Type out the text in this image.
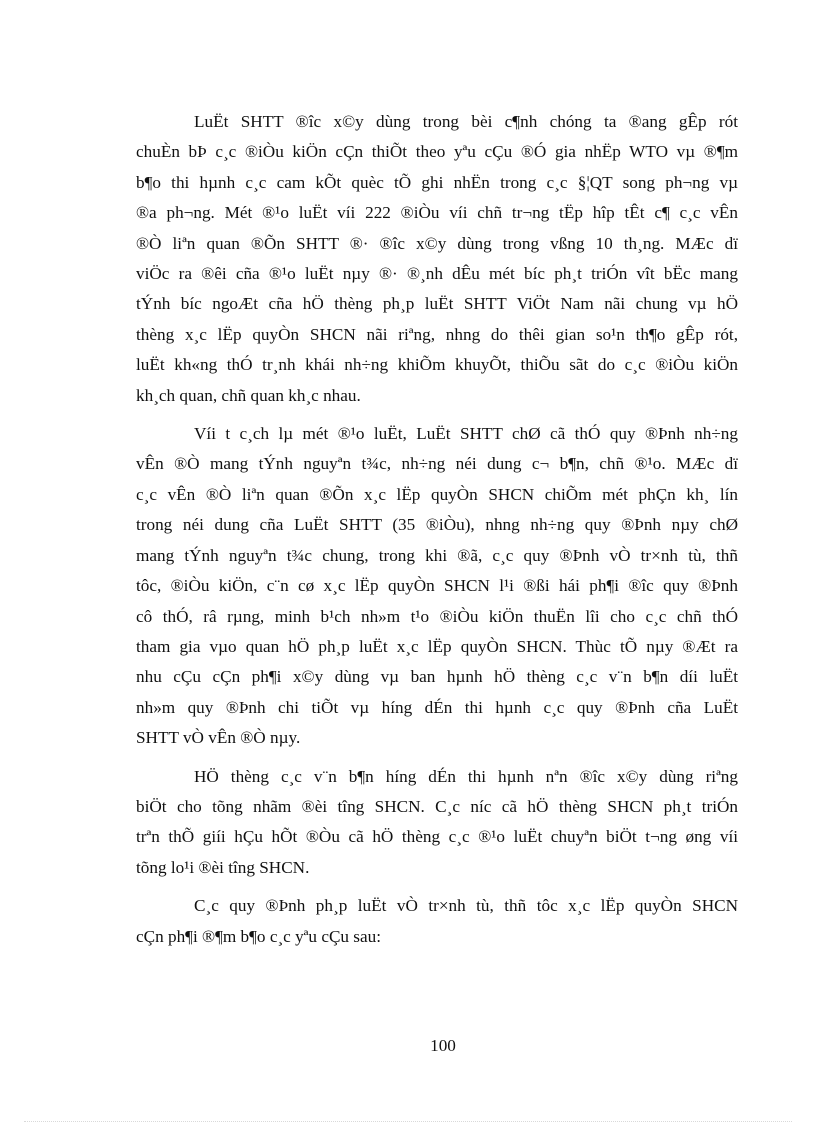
LuËt SHTT ®îc x©y dùng trong bèi c¶nh chóng ta ®ang gÊp rót
chuÈn bÞ c¸c ®iÒu kiÖn cÇn thiÕt theo yªu cÇu ®Ó gia nhËp WTO vµ ®¶m
b¶o thi hµnh c¸c cam kÕt quèc tÕ ghi nhËn trong c¸c §¦QT song ph¬ng vµ
®a ph¬ng. Mét ®¹o luËt víi 222 ®iÒu víi chñ tr¬ng tËp hîp tÊt c¶ c¸c vÊn
®Ò liªn quan ®Õn SHTT ®· ®îc x©y dùng trong vßng 10 th¸ng. MÆc dï
viÖc ra ®êi cña ®¹o luËt nµy ®· ®¸nh dÊu mét bíc ph¸t triÓn vît bËc mang
tÝnh bíc ngoÆt cña hÖ thèng ph¸p luËt SHTT ViÖt Nam nãi chung vµ hÖ
thèng x¸c lËp quyÒn SHCN nãi riªng, nhng do thêi gian so¹n th¶o gÊp rót,
luËt kh«ng thÓ tr¸nh khái nh÷ng khiÕm khuyÕt, thiÕu sãt do c¸c ®iÒu kiÖn
kh¸ch quan, chñ quan kh¸c nhau.

Víi t c¸ch lµ mét ®¹o luËt, LuËt SHTT chØ cã thÓ quy ®Þnh nh÷ng
vÊn ®Ò mang tÝnh nguyªn t¾c, nh÷ng néi dung c¬ b¶n, chñ ®¹o. MÆc dï
c¸c vÊn ®Ò liªn quan ®Õn x¸c lËp quyÒn SHCN chiÕm mét phÇn kh¸ lín
trong néi dung cña LuËt SHTT (35 ®iÒu), nhng nh÷ng quy ®Þnh nµy chØ
mang tÝnh nguyªn t¾c chung, trong khi ®ã, c¸c quy ®Þnh vÒ tr×nh tù, thñ
tôc, ®iÒu kiÖn, c¨n cø x¸c lËp quyÒn SHCN l¹i ®ßi hái ph¶i ®îc quy ®Þnh
cô thÓ, râ rµng, minh b¹ch nh»m t¹o ®iÒu kiÖn thuËn lîi cho c¸c chñ thÓ
tham gia vµo quan hÖ ph¸p luËt x¸c lËp quyÒn SHCN. Thùc tÕ nµy ®Æt ra
nhu cÇu cÇn ph¶i x©y dùng vµ ban hµnh hÖ thèng c¸c v¨n b¶n díi luËt
nh»m quy ®Þnh chi tiÕt vµ híng dÉn thi hµnh c¸c quy ®Þnh cña LuËt
SHTT vÒ vÊn ®Ò nµy.

HÖ thèng c¸c v¨n b¶n híng dÉn thi hµnh nªn ®îc x©y dùng riªng
biÖt cho tõng nhãm ®èi tîng SHCN. C¸c níc cã hÖ thèng SHCN ph¸t triÓn
trªn thÕ giíi hÇu hÕt ®Òu cã hÖ thèng c¸c ®¹o luËt chuyªn biÖt t¬ng øng víi
tõng lo¹i ®èi tîng SHCN.

C¸c quy ®Þnh ph¸p luËt vÒ tr×nh tù, thñ tôc x¸c lËp quyÒn SHCN
cÇn ph¶i ®¶m b¶o c¸c yªu cÇu sau:

100
